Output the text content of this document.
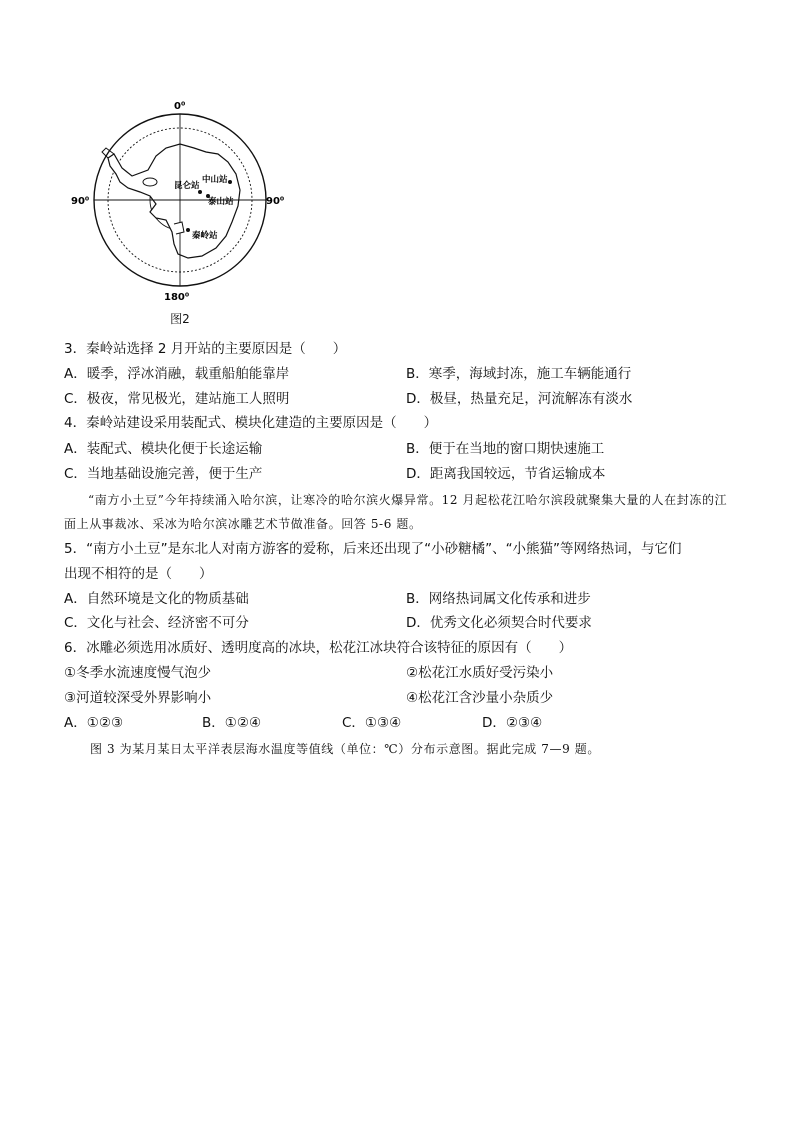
昆仑站
中山站
泰山站
秦岭站
0⁰
180⁰
90⁰	90⁰
图2
3．秦岭站选择 2 月开站的主要原因是（　　）
A．暖季，浮冰消融，载重船舶能靠岸	B．寒季，海域封冻，施工车辆能通行
C．极夜，常见极光，建站施工人照明	D．极昼，热量充足，河流解冻有淡水
4．秦岭站建设采用装配式、模块化建造的主要原因是（　　）
A．装配式、模块化便于长途运输	B．便于在当地的窗口期快速施工
C．当地基础设施完善，便于生产	D．距离我国较远，节省运输成本
“南方小土豆”今年持续涌入哈尔滨，让寒冷的哈尔滨火爆异常。12 月起松花江哈尔滨段就聚集大量的人在封冻的江面上从事裁冰、采冰为哈尔滨冰雕艺术节做准备。回答 5-6 题。
5．“南方小土豆”是东北人对南方游客的爱称，后来还出现了“小砂糖橘”、“小熊猫”等网络热词，与它们
出现不相符的是（　　）
A．自然环境是文化的物质基础	B．网络热词属文化传承和进步
C．文化与社会、经济密不可分	D．优秀文化必须契合时代要求
6．冰雕必须选用冰质好、透明度高的冰块，松花江冰块符合该特征的原因有（　　）
①冬季水流速度慢气泡少	②松花江水质好受污染小
③河道较深受外界影响小	④松花江含沙量小杂质少
A．①②③	B．①②④	C．①③④	D．②③④
图 3 为某月某日太平洋表层海水温度等值线（单位：℃）分布示意图。据此完成 7—9 题。
